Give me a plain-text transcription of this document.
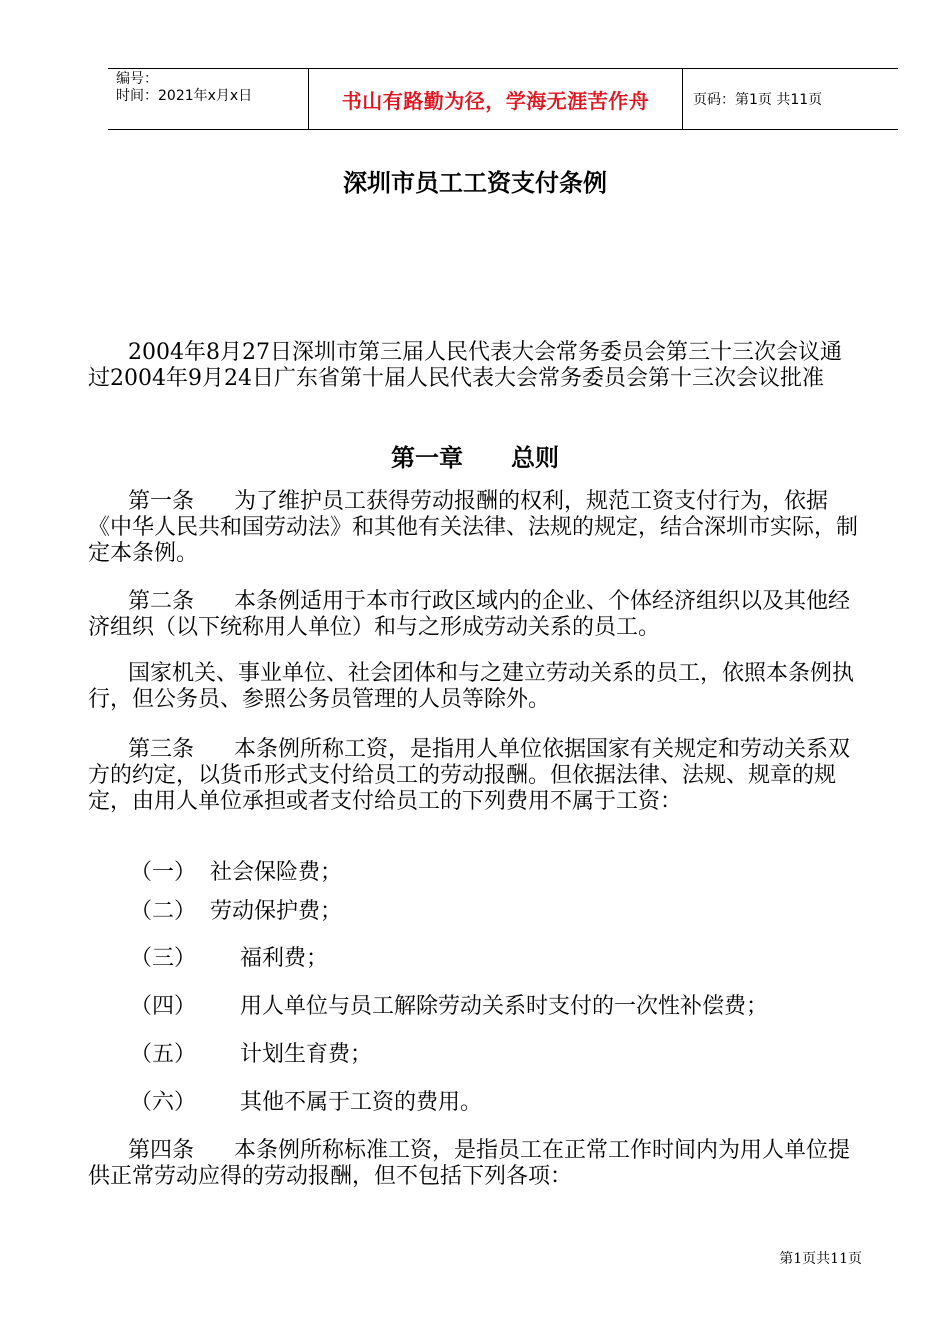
编号：
时间：2021年x月x日	书山有路勤为径，学海无涯苦作舟	页码：第1页 共11页
深圳市员工工资支付条例

2004年8月27日深圳市第三届人民代表大会常务委员会第三十三次会议通过2004年9月24日广东省第十届人民代表大会常务委员会第十三次会议批准

第一章 总则

第一条 为了维护员工获得劳动报酬的权利，规范工资支付行为，依据《中华人民共和国劳动法》和其他有关法律、法规的规定，结合深圳市实际，制定本条例。

第二条 本条例适用于本市行政区域内的企业、个体经济组织以及其他经济组织（以下统称用人单位）和与之形成劳动关系的员工。

国家机关、事业单位、社会团体和与之建立劳动关系的员工，依照本条例执行，但公务员、参照公务员管理的人员等除外。

第三条 本条例所称工资，是指用人单位依据国家有关规定和劳动关系双方的约定，以货币形式支付给员工的劳动报酬。但依据法律、法规、规章的规定，由用人单位承担或者支付给员工的下列费用不属于工资：

（一） 社会保险费；
（二） 劳动保护费；
（三） 福利费；
（四） 用人单位与员工解除劳动关系时支付的一次性补偿费；
（五） 计划生育费；
（六） 其他不属于工资的费用。

第四条 本条例所称标准工资，是指员工在正常工作时间内为用人单位提供正常劳动应得的劳动报酬，但不包括下列各项：

第1页共11页
